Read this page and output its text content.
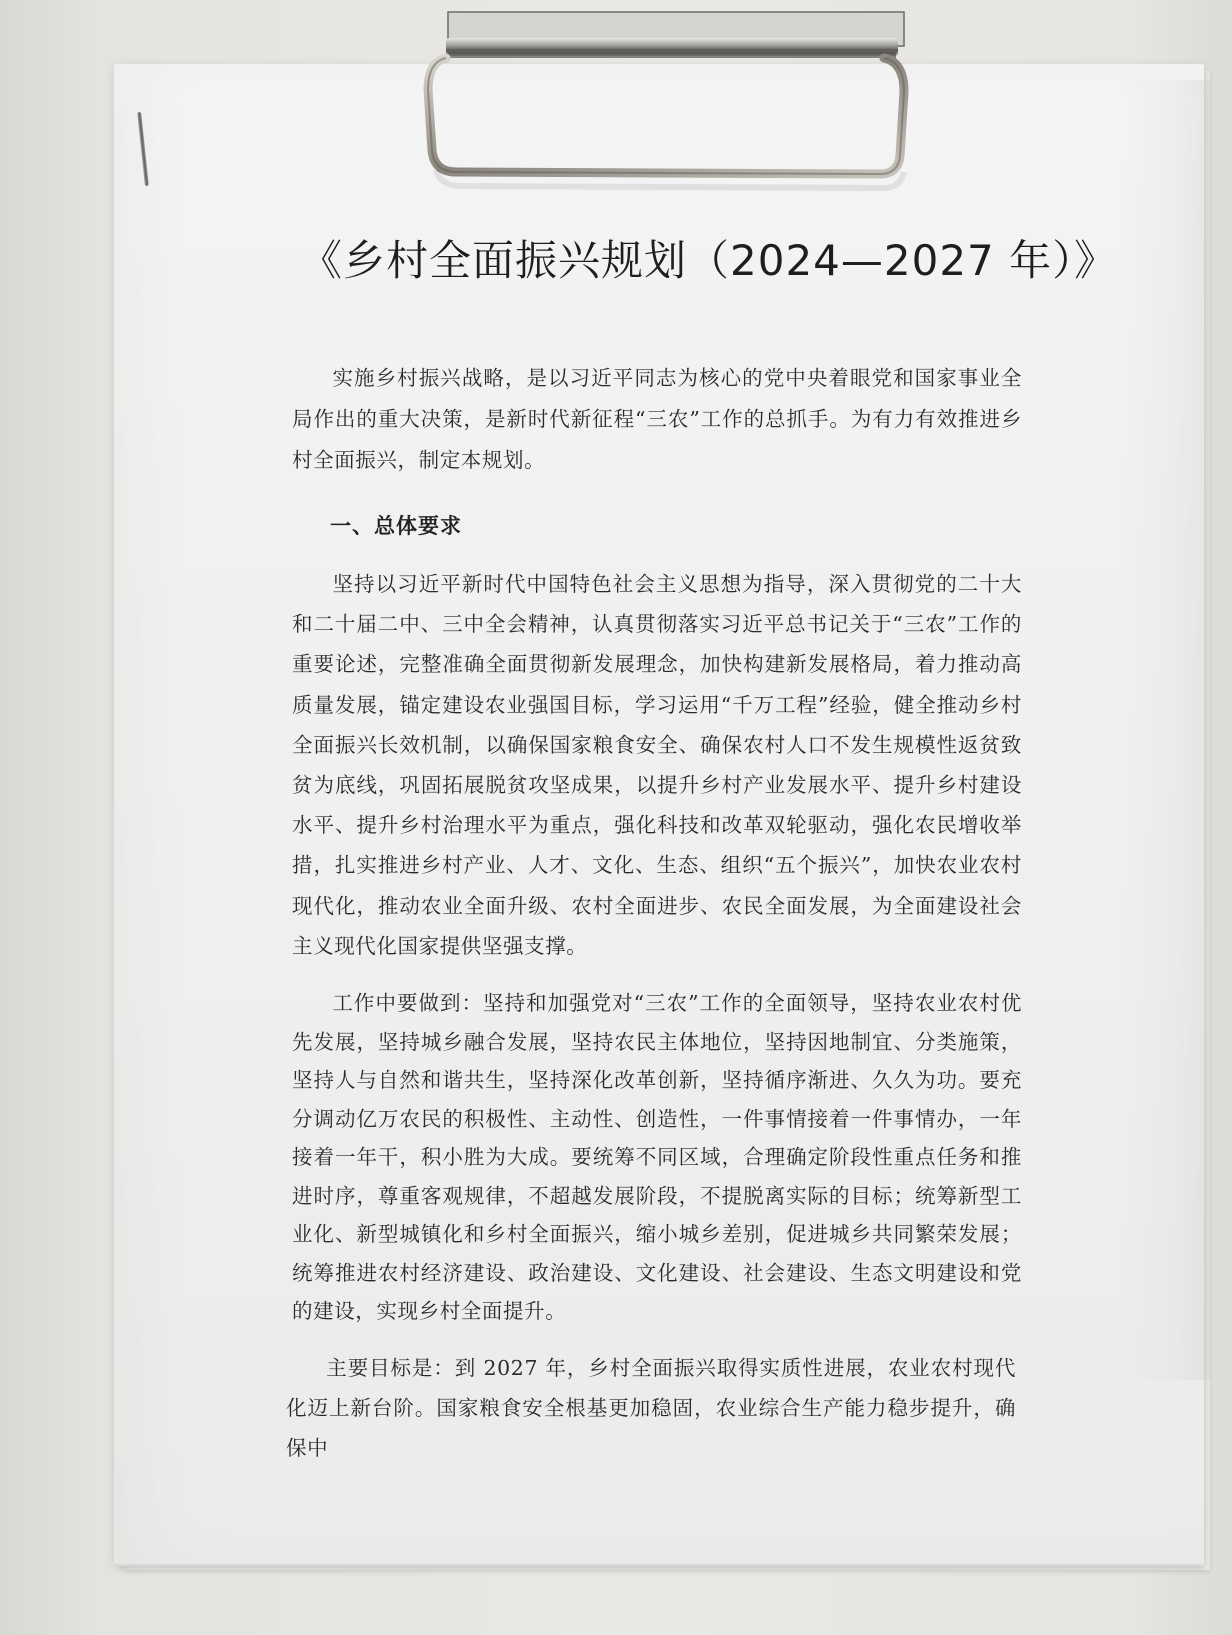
《乡村全面振兴规划（2024—2027 年）》
实施乡村振兴战略，是以习近平同志为核心的党中央着眼党和国家事业全局作出的重大决策，是新时代新征程“三农”工作的总抓手。为有力有效推进乡村全面振兴，制定本规划。
一、总体要求
坚持以习近平新时代中国特色社会主义思想为指导，深入贯彻党的二十大和二十届二中、三中全会精神，认真贯彻落实习近平总书记关于“三农”工作的重要论述，完整准确全面贯彻新发展理念，加快构建新发展格局，着力推动高质量发展，锚定建设农业强国目标，学习运用“千万工程”经验，健全推动乡村全面振兴长效机制，以确保国家粮食安全、确保农村人口不发生规模性返贫致贫为底线，巩固拓展脱贫攻坚成果，以提升乡村产业发展水平、提升乡村建设水平、提升乡村治理水平为重点，强化科技和改革双轮驱动，强化农民增收举措，扎实推进乡村产业、人才、文化、生态、组织“五个振兴”，加快农业农村现代化，推动农业全面升级、农村全面进步、农民全面发展，为全面建设社会主义现代化国家提供坚强支撑。
工作中要做到：坚持和加强党对“三农”工作的全面领导，坚持农业农村优先发展，坚持城乡融合发展，坚持农民主体地位，坚持因地制宜、分类施策，坚持人与自然和谐共生，坚持深化改革创新，坚持循序渐进、久久为功。要充分调动亿万农民的积极性、主动性、创造性，一件事情接着一件事情办，一年接着一年干，积小胜为大成。要统筹不同区域，合理确定阶段性重点任务和推进时序，尊重客观规律，不超越发展阶段，不提脱离实际的目标；统筹新型工业化、新型城镇化和乡村全面振兴，缩小城乡差别，促进城乡共同繁荣发展；统筹推进农村经济建设、政治建设、文化建设、社会建设、生态文明建设和党的建设，实现乡村全面提升。
主要目标是：到 2027 年，乡村全面振兴取得实质性进展，农业农村现代化迈上新台阶。国家粮食安全根基更加稳固，农业综合生产能力稳步提升，确保中
